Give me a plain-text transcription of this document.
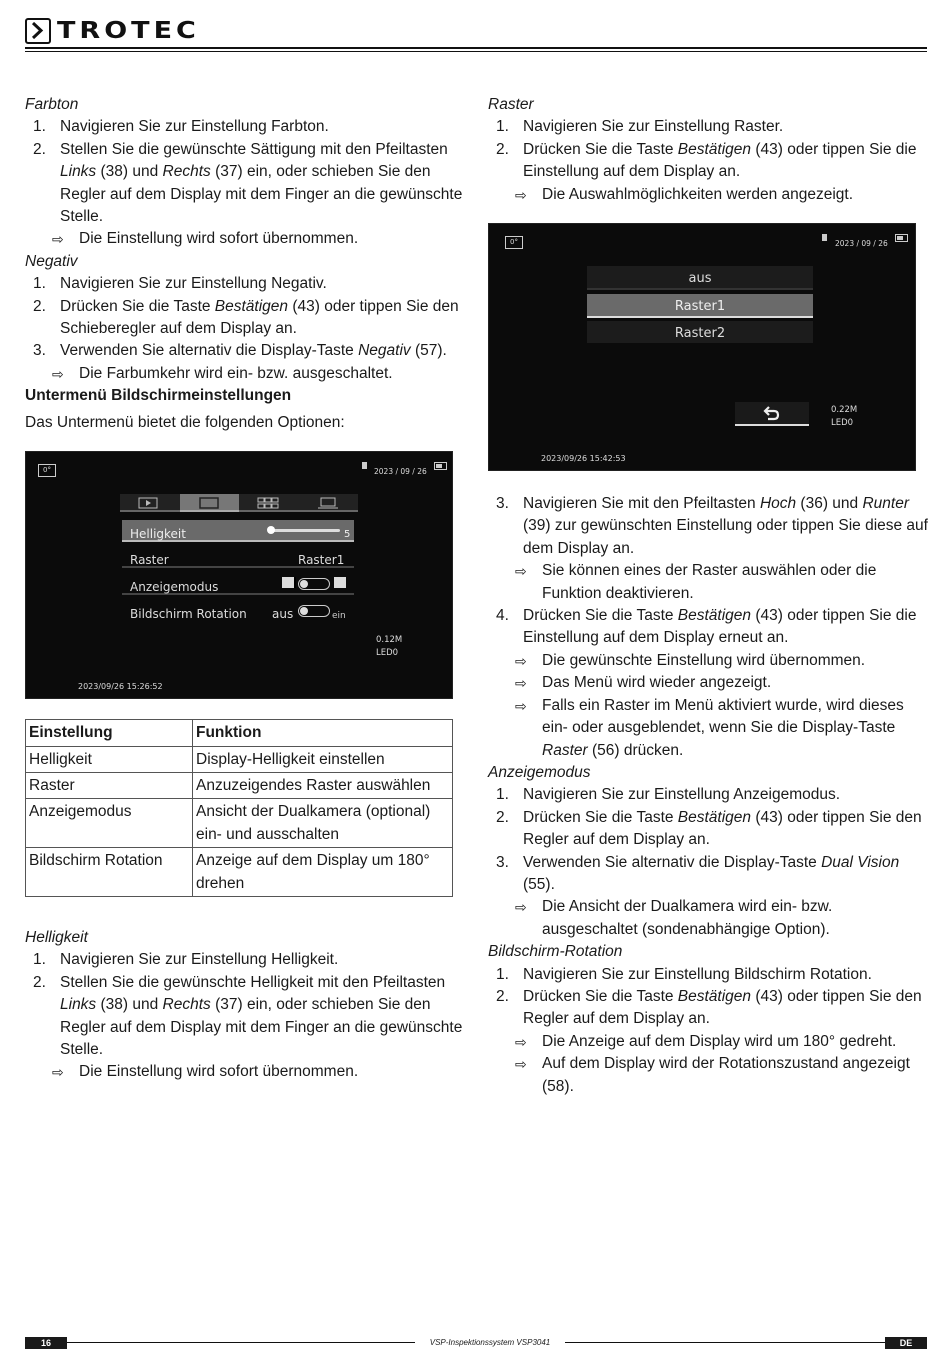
TROTEC

Farbton

1. Navigieren Sie zur Einstellung Farbton.
2. Stellen Sie die gewünschte Sättigung mit den Pfeiltasten Links (38) und Rechts (37) ein, oder schieben Sie den Regler auf dem Display mit dem Finger an die gewünschte Stelle.
⇨ Die Einstellung wird sofort übernommen.

Negativ

1. Navigieren Sie zur Einstellung Negativ.
2. Drücken Sie die Taste Bestätigen (43) oder tippen Sie den Schieberegler auf dem Display an.
3. Verwenden Sie alternativ die Display-Taste Negativ (57).
⇨ Die Farbumkehr wird ein- bzw. ausgeschaltet.

Untermenü Bildschirmeinstellungen

Das Untermenü bietet die folgenden Optionen:

0°	2023 / 09 / 26
Helligkeit	5
Raster	Raster1
Anzeigemodus
Bildschirm Rotation aus	ein
0.12M
LED0
2023/09/26 15:26:52
Einstellung	Funktion
Helligkeit	Display-Helligkeit einstellen
Raster	Anzuzeigendes Raster auswählen
Anzeigemodus	Ansicht der Dualkamera (optional) ein- und ausschalten
Bildschirm Rotation	Anzeige auf dem Display um 180° drehen

Helligkeit

1. Navigieren Sie zur Einstellung Helligkeit.
2. Stellen Sie die gewünschte Helligkeit mit den Pfeiltasten Links (38) und Rechts (37) ein, oder schieben Sie den Regler auf dem Display mit dem Finger an die gewünschte Stelle.
⇨ Die Einstellung wird sofort übernommen.

Raster

1. Navigieren Sie zur Einstellung Raster.
2. Drücken Sie die Taste Bestätigen (43) oder tippen Sie die Einstellung auf dem Display an.
⇨ Die Auswahlmöglichkeiten werden angezeigt.
0°	2023 / 09 / 26
aus
Raster1
Raster2
0.22M
LED0
2023/09/26 15:42:53
3. Navigieren Sie mit den Pfeiltasten Hoch (36) und Runter (39) zur gewünschten Einstellung oder tippen Sie diese auf dem Display an.
⇨ Sie können eines der Raster auswählen oder die Funktion deaktivieren.
4. Drücken Sie die Taste Bestätigen (43) oder tippen Sie die Einstellung auf dem Display erneut an.
⇨ Die gewünschte Einstellung wird übernommen.
⇨ Das Menü wird wieder angezeigt.
⇨ Falls ein Raster im Menü aktiviert wurde, wird dieses ein- oder ausgeblendet, wenn Sie die Display-Taste Raster (56) drücken.

Anzeigemodus

1. Navigieren Sie zur Einstellung Anzeigemodus.
2. Drücken Sie die Taste Bestätigen (43) oder tippen Sie den Regler auf dem Display an.
3. Verwenden Sie alternativ die Display-Taste Dual Vision (55).
⇨ Die Ansicht der Dualkamera wird ein- bzw. ausgeschaltet (sondenabhängige Option).

Bildschirm-Rotation

1. Navigieren Sie zur Einstellung Bildschirm Rotation.
2. Drücken Sie die Taste Bestätigen (43) oder tippen Sie den Regler auf dem Display an.
⇨ Die Anzeige auf dem Display wird um 180° gedreht.
⇨ Auf dem Display wird der Rotationszustand angezeigt (58).
16	VSP-Inspektionssystem VSP3041	DE
